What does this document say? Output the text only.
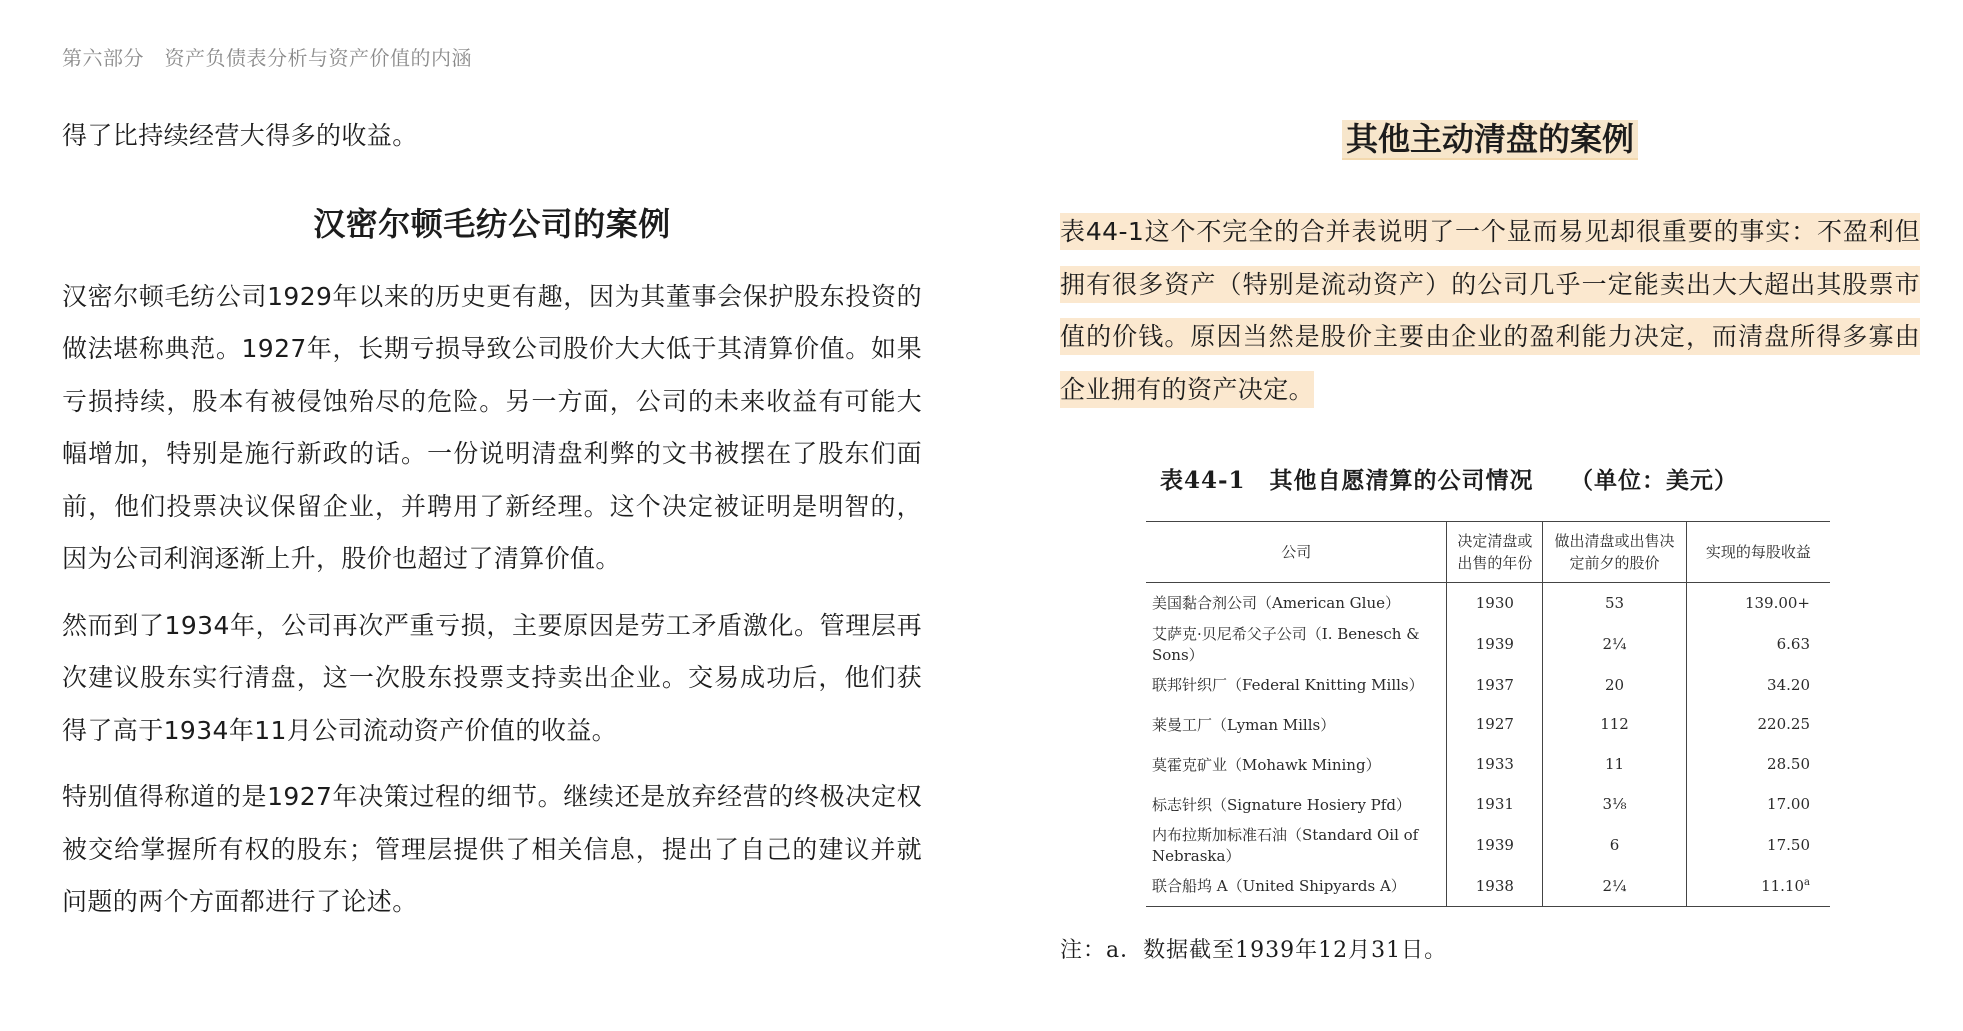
第六部分　资产负债表分析与资产价值的内涵

得了比持续经营大得多的收益。

汉密尔顿毛纺公司的案例

汉密尔顿毛纺公司1929年以来的历史更有趣，因为其董事会保护股东投资的做法堪称典范。1927年，长期亏损导致公司股价大大低于其清算价值。如果亏损持续，股本有被侵蚀殆尽的危险。另一方面，公司的未来收益有可能大幅增加，特别是施行新政的话。一份说明清盘利弊的文书被摆在了股东们面前，他们投票决议保留企业，并聘用了新经理。这个决定被证明是明智的，因为公司利润逐渐上升，股价也超过了清算价值。

然而到了1934年，公司再次严重亏损，主要原因是劳工矛盾激化。管理层再次建议股东实行清盘，这一次股东投票支持卖出企业。交易成功后，他们获得了高于1934年11月公司流动资产价值的收益。

特别值得称道的是1927年决策过程的细节。继续还是放弃经营的终极决定权被交给掌握所有权的股东；管理层提供了相关信息，提出了自己的建议并就问题的两个方面都进行了论述。

其他主动清盘的案例

表44-1这个不完全的合并表说明了一个显而易见却很重要的事实：不盈利但拥有很多资产（特别是流动资产）的公司几乎一定能卖出大大超出其股票市值的价钱。原因当然是股价主要由企业的盈利能力决定，而清盘所得多寡由企业拥有的资产决定。

表44-1　其他自愿清算的公司情况　　（单位：美元）
公司	决定清盘或出售的年份	做出清盘或出售决定前夕的股价	实现的每股收益
美国黏合剂公司（American Glue）	1930	53	139.00+
艾萨克·贝尼希父子公司（I. Benesch & Sons）	1939	2¼	6.63
联邦针织厂（Federal Knitting Mills）	1937	20	34.20
莱曼工厂（Lyman Mills）	1927	112	220.25
莫霍克矿业（Mohawk Mining）	1933	11	28.50
标志针织（Signature Hosiery Pfd）	1931	3⅛	17.00
内布拉斯加标准石油（Standard Oil of Nebraska）	1939	6	17.50
联合船坞 A（United Shipyards A）	1938	2¼	11.10$^a$
注：a．数据截至1939年12月31日。
